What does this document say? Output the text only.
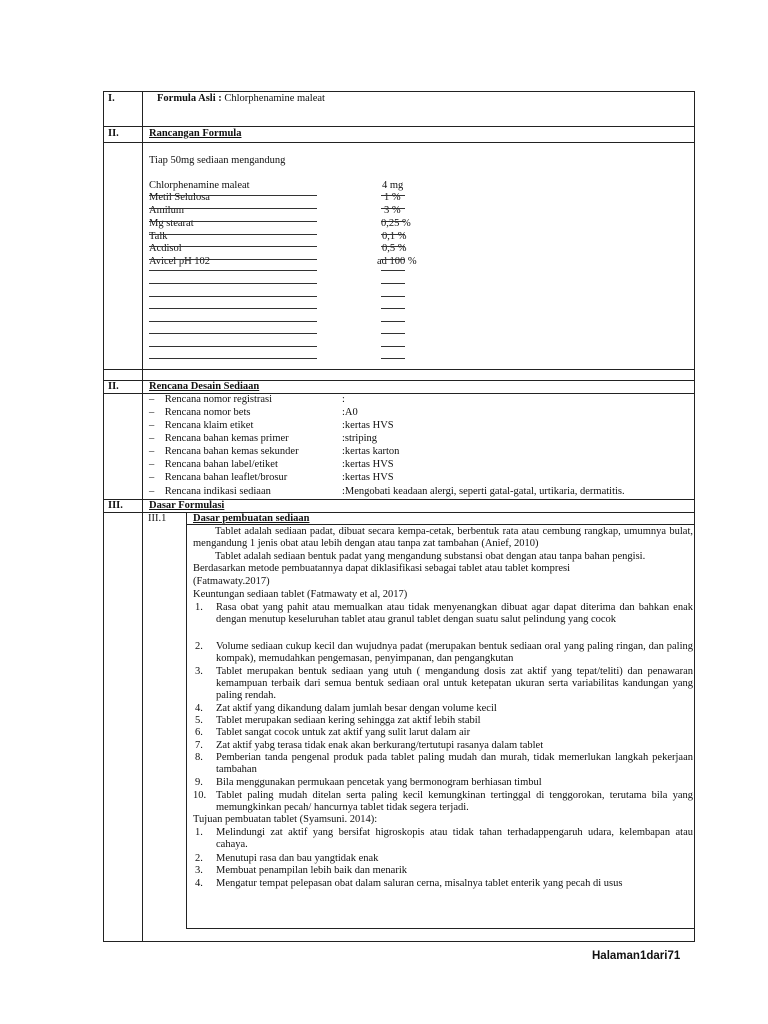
I.	Formula Asli : Chlorphenamine maleat
II.	Rancangan Formula
Tiap 50mg sediaan mengandung
Chlorphenamine maleat	4 mg
Metil Selulosa	1 %
Amilum	3 %
Mg stearat	0,25 %
Talk	0,1 %
Acdisol	0,5 %
Avicel pH 102	ad 100 %
II.	Rencana Desain Sediaan
–    Rencana nomor registrasi	:
–    Rencana nomor bets	:A0
–    Rencana klaim etiket	:kertas HVS
–    Rencana bahan kemas primer	:striping
–    Rencana bahan kemas sekunder	:kertas karton
–    Rencana bahan label/etiket	:kertas HVS
–    Rencana bahan leaflet/brosur	:kertas HVS
–    Rencana indikasi sediaan	:Mengobati keadaan alergi, seperti gatal-gatal, urtikaria, dermatitis.
III. Dasar Formulasi
III.1	Dasar pembuatan sediaan
Tablet adalah sediaan padat, dibuat secara kempa-cetak, berbentuk rata atau cembung rangkap, umumnya bulat, mengandung 1 jenis obat atau lebih dengan atau tanpa zat tambahan (Anief, 2010)
Tablet adalah sediaan bentuk padat yang mengandung substansi obat dengan atau tanpa bahan pengisi.
Berdasarkan metode pembuatannya dapat diklasifikasi sebagai tablet atau tablet kompresi
(Fatmawaty.2017)
Keuntungan sediaan tablet (Fatmawaty et al, 2017)
1. Rasa obat yang pahit atau memualkan atau tidak menyenangkan dibuat agar dapat diterima dan bahkan enak dengan menutup keseluruhan tablet atau granul tablet dengan suatu salut pelindung yang cocok
2. Volume sediaan cukup kecil dan wujudnya padat (merupakan bentuk sediaan oral yang paling ringan, dan paling kompak), memudahkan pengemasan, penyimpanan, dan pengangkutan
3. Tablet merupakan bentuk sediaan yang utuh ( mengandung dosis zat aktif yang tepat/teliti) dan penawaran kemampuan terbaik dari semua bentuk sediaan oral untuk ketepatan ukuran serta variabilitas kandungan yang paling rendah.
4. Zat aktif yang dikandung dalam jumlah besar dengan volume kecil
5. Tablet merupakan sediaan kering sehingga zat aktif lebih stabil
6. Tablet sangat cocok untuk zat aktif yang sulit larut dalam air
7. Zat aktif yabg terasa tidak enak akan berkurang/tertutupi rasanya dalam tablet
8. Pemberian tanda pengenal produk pada tablet paling mudah dan murah, tidak memerlukan langkah pekerjaan tambahan
9. Bila menggunakan permukaan pencetak yang bermonogram berhiasan timbul
10. Tablet paling mudah ditelan serta paling kecil kemungkinan tertinggal di tenggorokan, terutama bila yang memungkinkan pecah/ hancurnya tablet tidak segera terjadi.
Tujuan pembuatan tablet (Syamsuni. 2014):
1. Melindungi zat aktif yang bersifat higroskopis atau tidak tahan terhadappengaruh udara, kelembapan atau cahaya.
2. Menutupi rasa dan bau yangtidak enak
3. Membuat penampilan lebih baik dan menarik
4. Mengatur tempat pelepasan obat dalam saluran cerna, misalnya tablet enterik yang pecah di usus
Halaman1dari71
